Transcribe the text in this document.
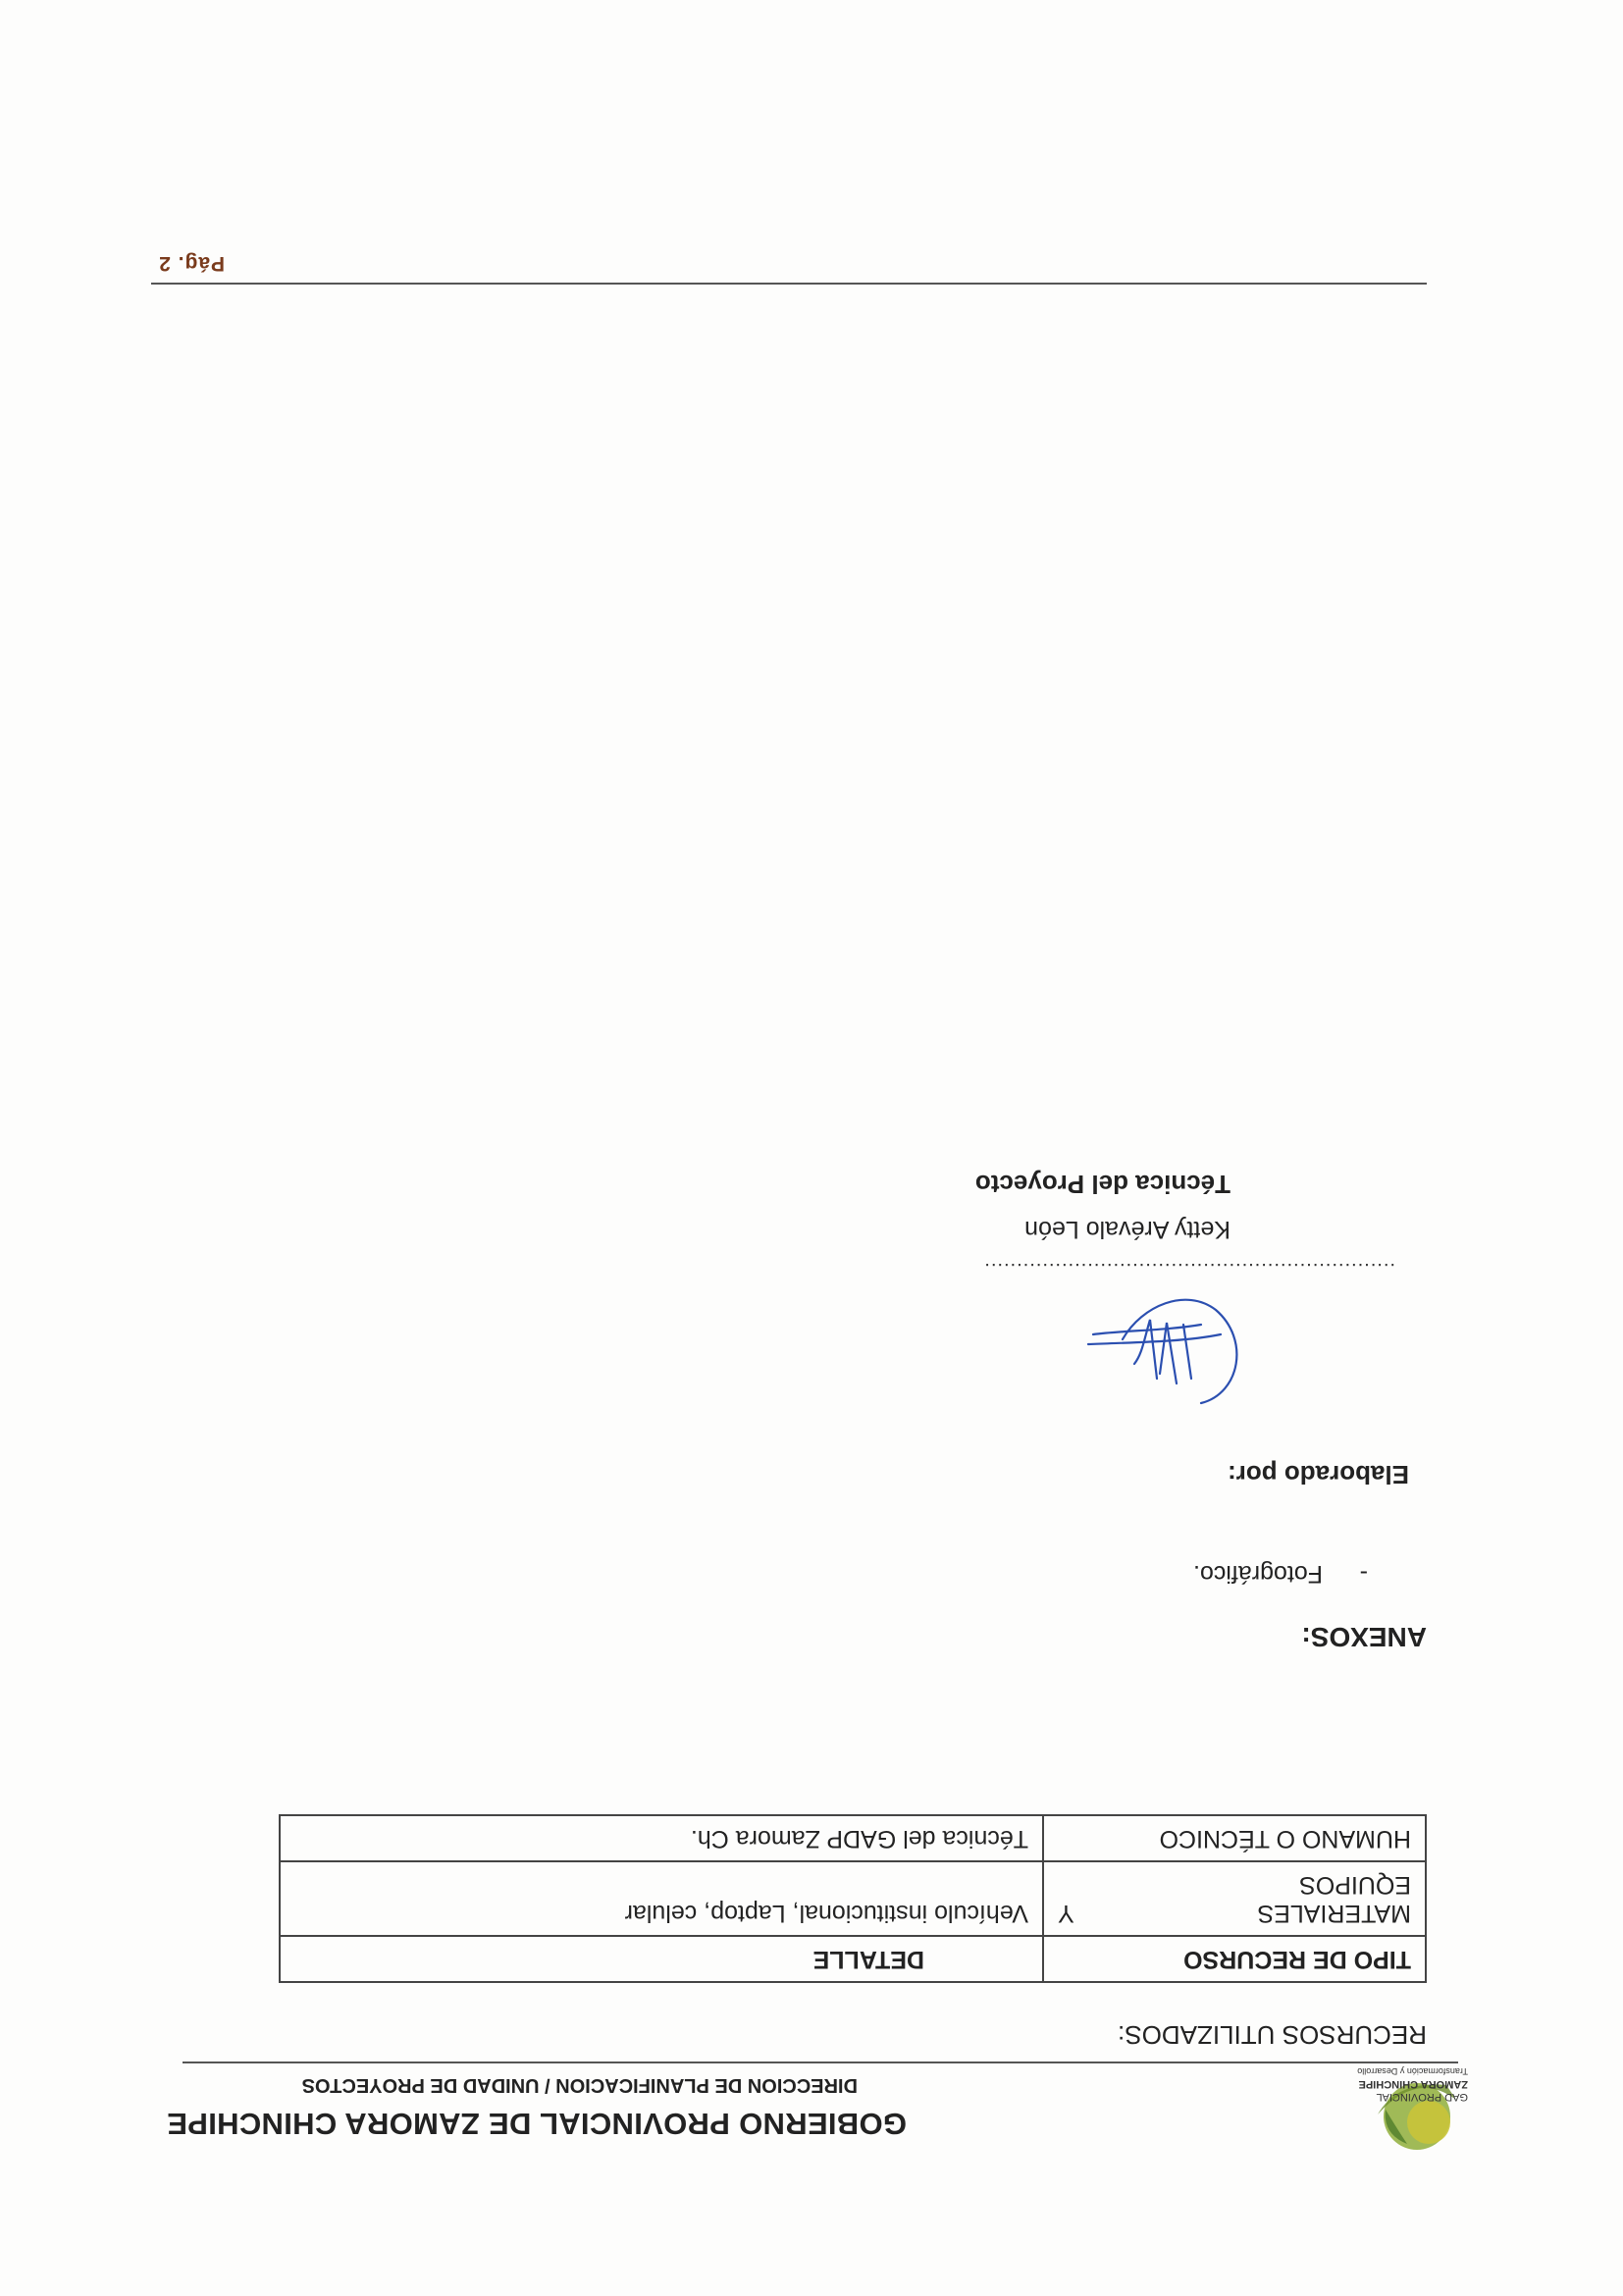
GAD PROVINCIAL
ZAMORA CHINCHIPE
Transformación y Desarrollo
GOBIERNO PROVINCIAL DE ZAMORA CHINCHIPE
DIRECCION DE PLANIFICACION / UNIDAD DE PROYECTOS
RECURSOS UTILIZADOS:
TIPO DE RECURSO	DETALLE

MATERIALES
Y
EQUIPOS	Vehículo institucional, Laptop, celular
HUMANO O TÉCNICO	Técnica del GADP Zamora Ch.
ANEXOS:
-Fotográfico.
Elaborado por:
................................................................
Ketty Arévalo León
Técnica del Proyecto
Pág. 2
